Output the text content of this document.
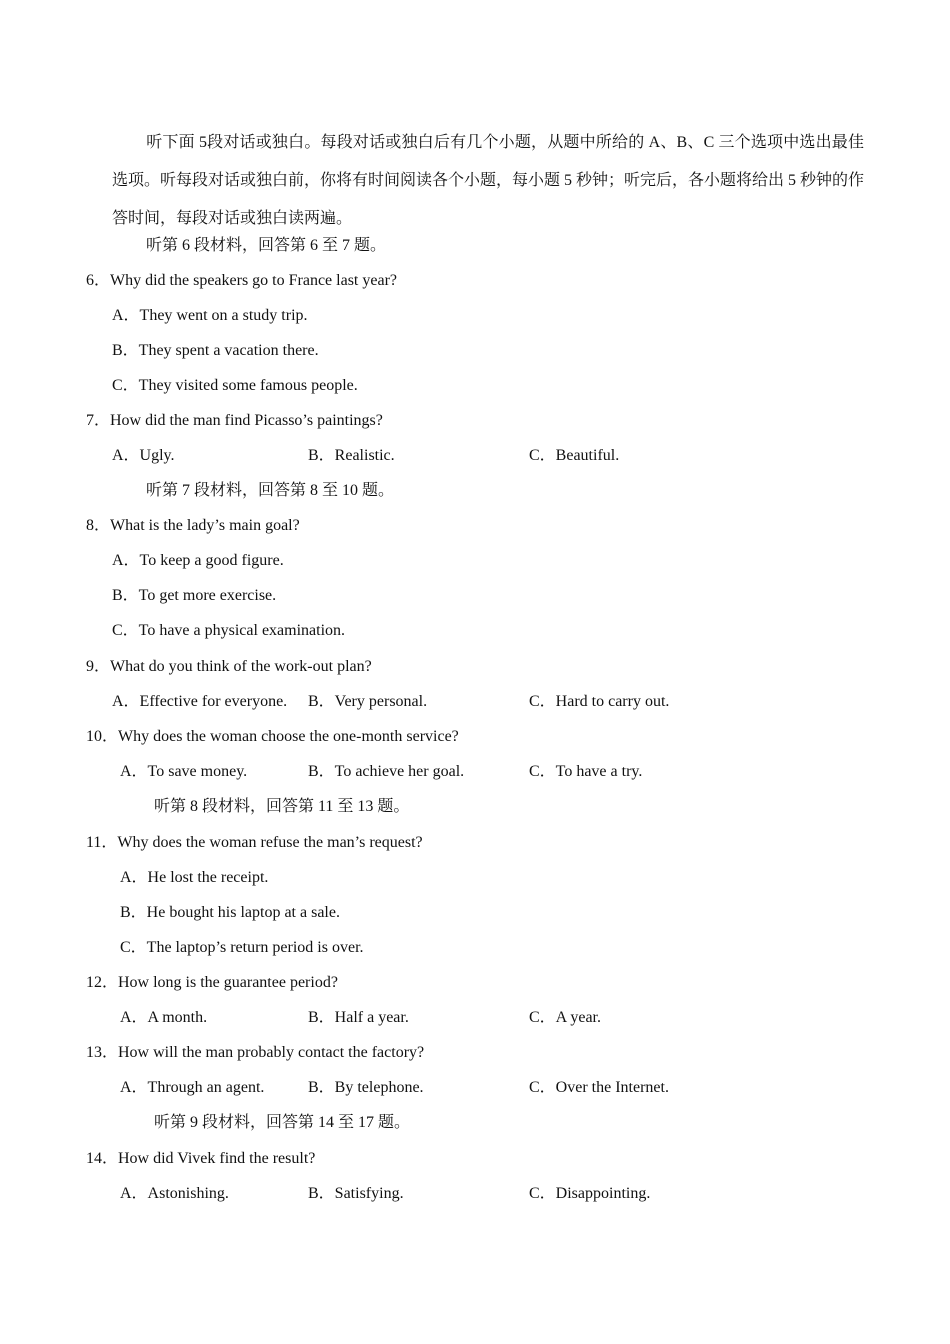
听下面 5段对话或独白。每段对话或独白后有几个小题，从题中所给的 A、B、C 三个选项中选出最佳选项。听每段对话或独白前，你将有时间阅读各个小题，每小题 5 秒钟；听完后，各小题将给出 5 秒钟的作答时间，每段对话或独白读两遍。
听第 6 段材料，回答第 6 至 7 题。
6．Why did the speakers go to France last year?
A．They went on a study trip.
B．They spent a vacation there.
C．They visited some famous people.
7．How did the man find Picasso’s paintings?
A．Ugly.	B．Realistic.	C．Beautiful.
听第 7 段材料，回答第 8 至 10 题。
8．What is the lady’s main goal?
A．To keep a good figure.
B．To get more exercise.
C．To have a physical examination.
9．What do you think of the work-out plan?
A．Effective for everyone. B．Very personal.	C．Hard to carry out.
10．Why does the woman choose the one-month service?
A．To save money.	B．To achieve her goal.	C．To have a try.
听第 8 段材料，回答第 11 至 13 题。
11．Why does the woman refuse the man’s request?
A．He lost the receipt.
B．He bought his laptop at a sale.
C．The laptop’s return period is over.
12．How long is the guarantee period?
A．A month.	B．Half a year.	C．A year.
13．How will the man probably contact the factory?
A．Through an agent.	B．By telephone.	C．Over the Internet.
听第 9 段材料，回答第 14 至 17 题。
14．How did Vivek find the result?
A．Astonishing.	B．Satisfying.	C．Disappointing.
